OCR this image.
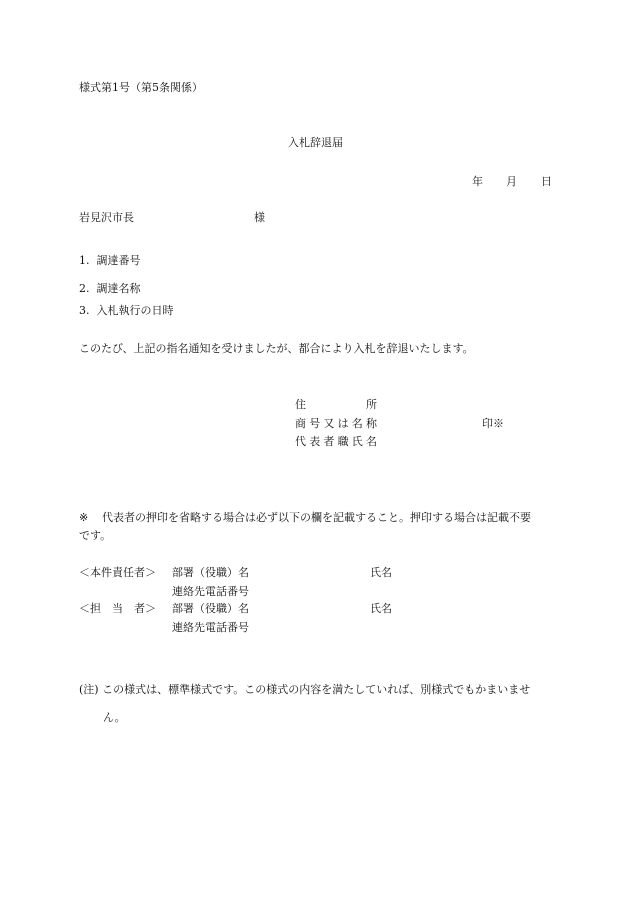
様式第1号（第5条関係）
入札辞退届
年 月 日
岩見沢市長	様
1. 調達番号
2. 調達名称
3. 入札執行の日時
このたび、上記の指名通知を受けましたが、都合により入札を辞退いたします。
住　　所
商号又は名称	印※
代表者職氏名
※ 代表者の押印を省略する場合は必ず以下の欄を記載すること。押印する場合は記載不要
です。
＜本件責任者＞ 部署（役職）名	氏名
連絡先電話番号
＜担　当　者＞ 部署（役職）名	氏名
連絡先電話番号
(注) この様式は、標準様式です。この様式の内容を満たしていれば、別様式でもかまいませ
ん。
